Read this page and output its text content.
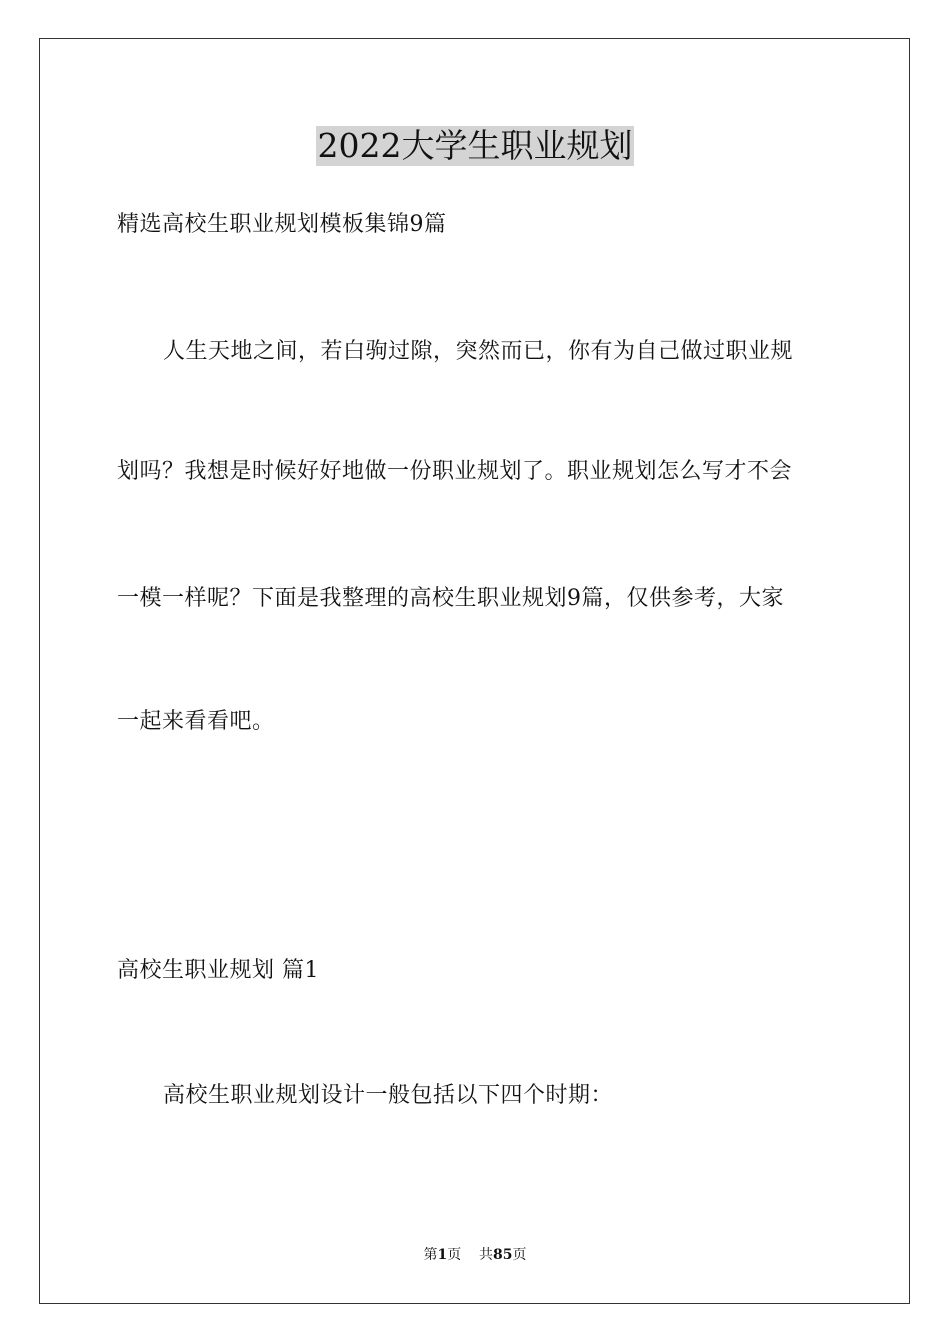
2022大学生职业规划
精选高校生职业规划模板集锦9篇
人生天地之间，若白驹过隙，突然而已，你有为自己做过职业规
划吗？我想是时候好好地做一份职业规划了。职业规划怎么写才不会
一模一样呢？下面是我整理的高校生职业规划9篇，仅供参考，大家
一起来看看吧。
高校生职业规划 篇1
高校生职业规划设计一般包括以下四个时期：
第1页 共85页
